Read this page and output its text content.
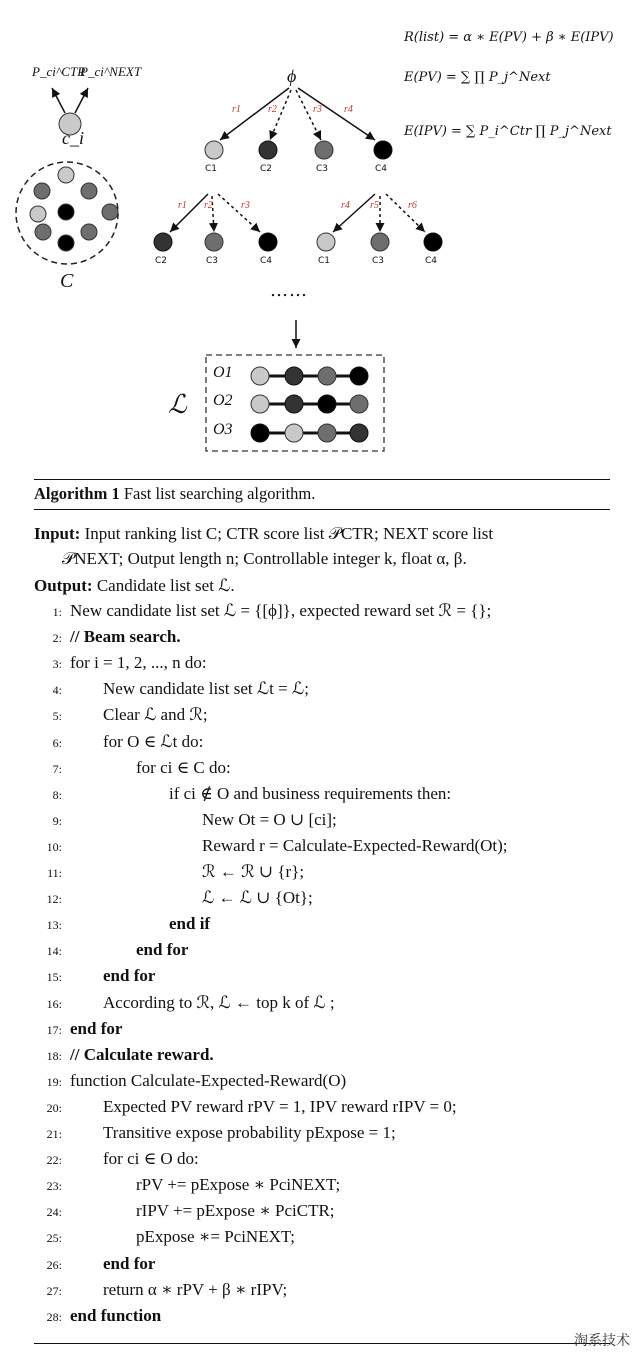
R(list) = α ∗ E(PV) + β ∗ E(IPV)
E(PV) = ∑ ∏ P_j^Next
E(IPV) = ∑ P_i^Ctr ∏ P_j^Next
P_ci^CTR
P_ci^NEXT
c_i
C
ϕ
r1	r2	r3 r4
C1	C2	C3	C4
r1 r2	r3	r4 r5	r6
C2	C3	C4	C1	C3	C4
……
ℒ
O1
O2
O3
Algorithm 1 Fast list searching algorithm.
Input: Input ranking list C; CTR score list 𝒫CTR; NEXT score list
𝒫NEXT; Output length n; Controllable integer k, float α, β.
Output: Candidate list set ℒ.
1: New candidate list set ℒ = {[ϕ]}, expected reward set ℛ = {};
2: // Beam search.
3: for i = 1, 2, ..., n do:
4: New candidate list set ℒt = ℒ;
5: Clear ℒ and ℛ;
6: for O ∈ ℒt do:
7:	for ci ∈ C do:
8:	if ci ∉ O and business requirements then:
9:	New Ot = O ∪ [ci];
10:	Reward r = Calculate-Expected-Reward(Ot);
11:	ℛ ← ℛ ∪ {r};
12:	ℒ ← ℒ ∪ {Ot};
13:	end if
14:	end for
15: end for
16: According to ℛ, ℒ ← top k of ℒ ;
17: end for
18: // Calculate reward.
19: function Calculate-Expected-Reward(O)
20: Expected PV reward rPV = 1, IPV reward rIPV = 0;
21: Transitive expose probability pExpose = 1;
22: for ci ∈ O do:
23:	rPV += pExpose ∗ PciNEXT;
24:	rIPV += pExpose ∗ PciCTR;
25:	pExpose ∗= PciNEXT;
26: end for
27: return α ∗ rPV + β ∗ rIPV;
28: end function
淘系技术
